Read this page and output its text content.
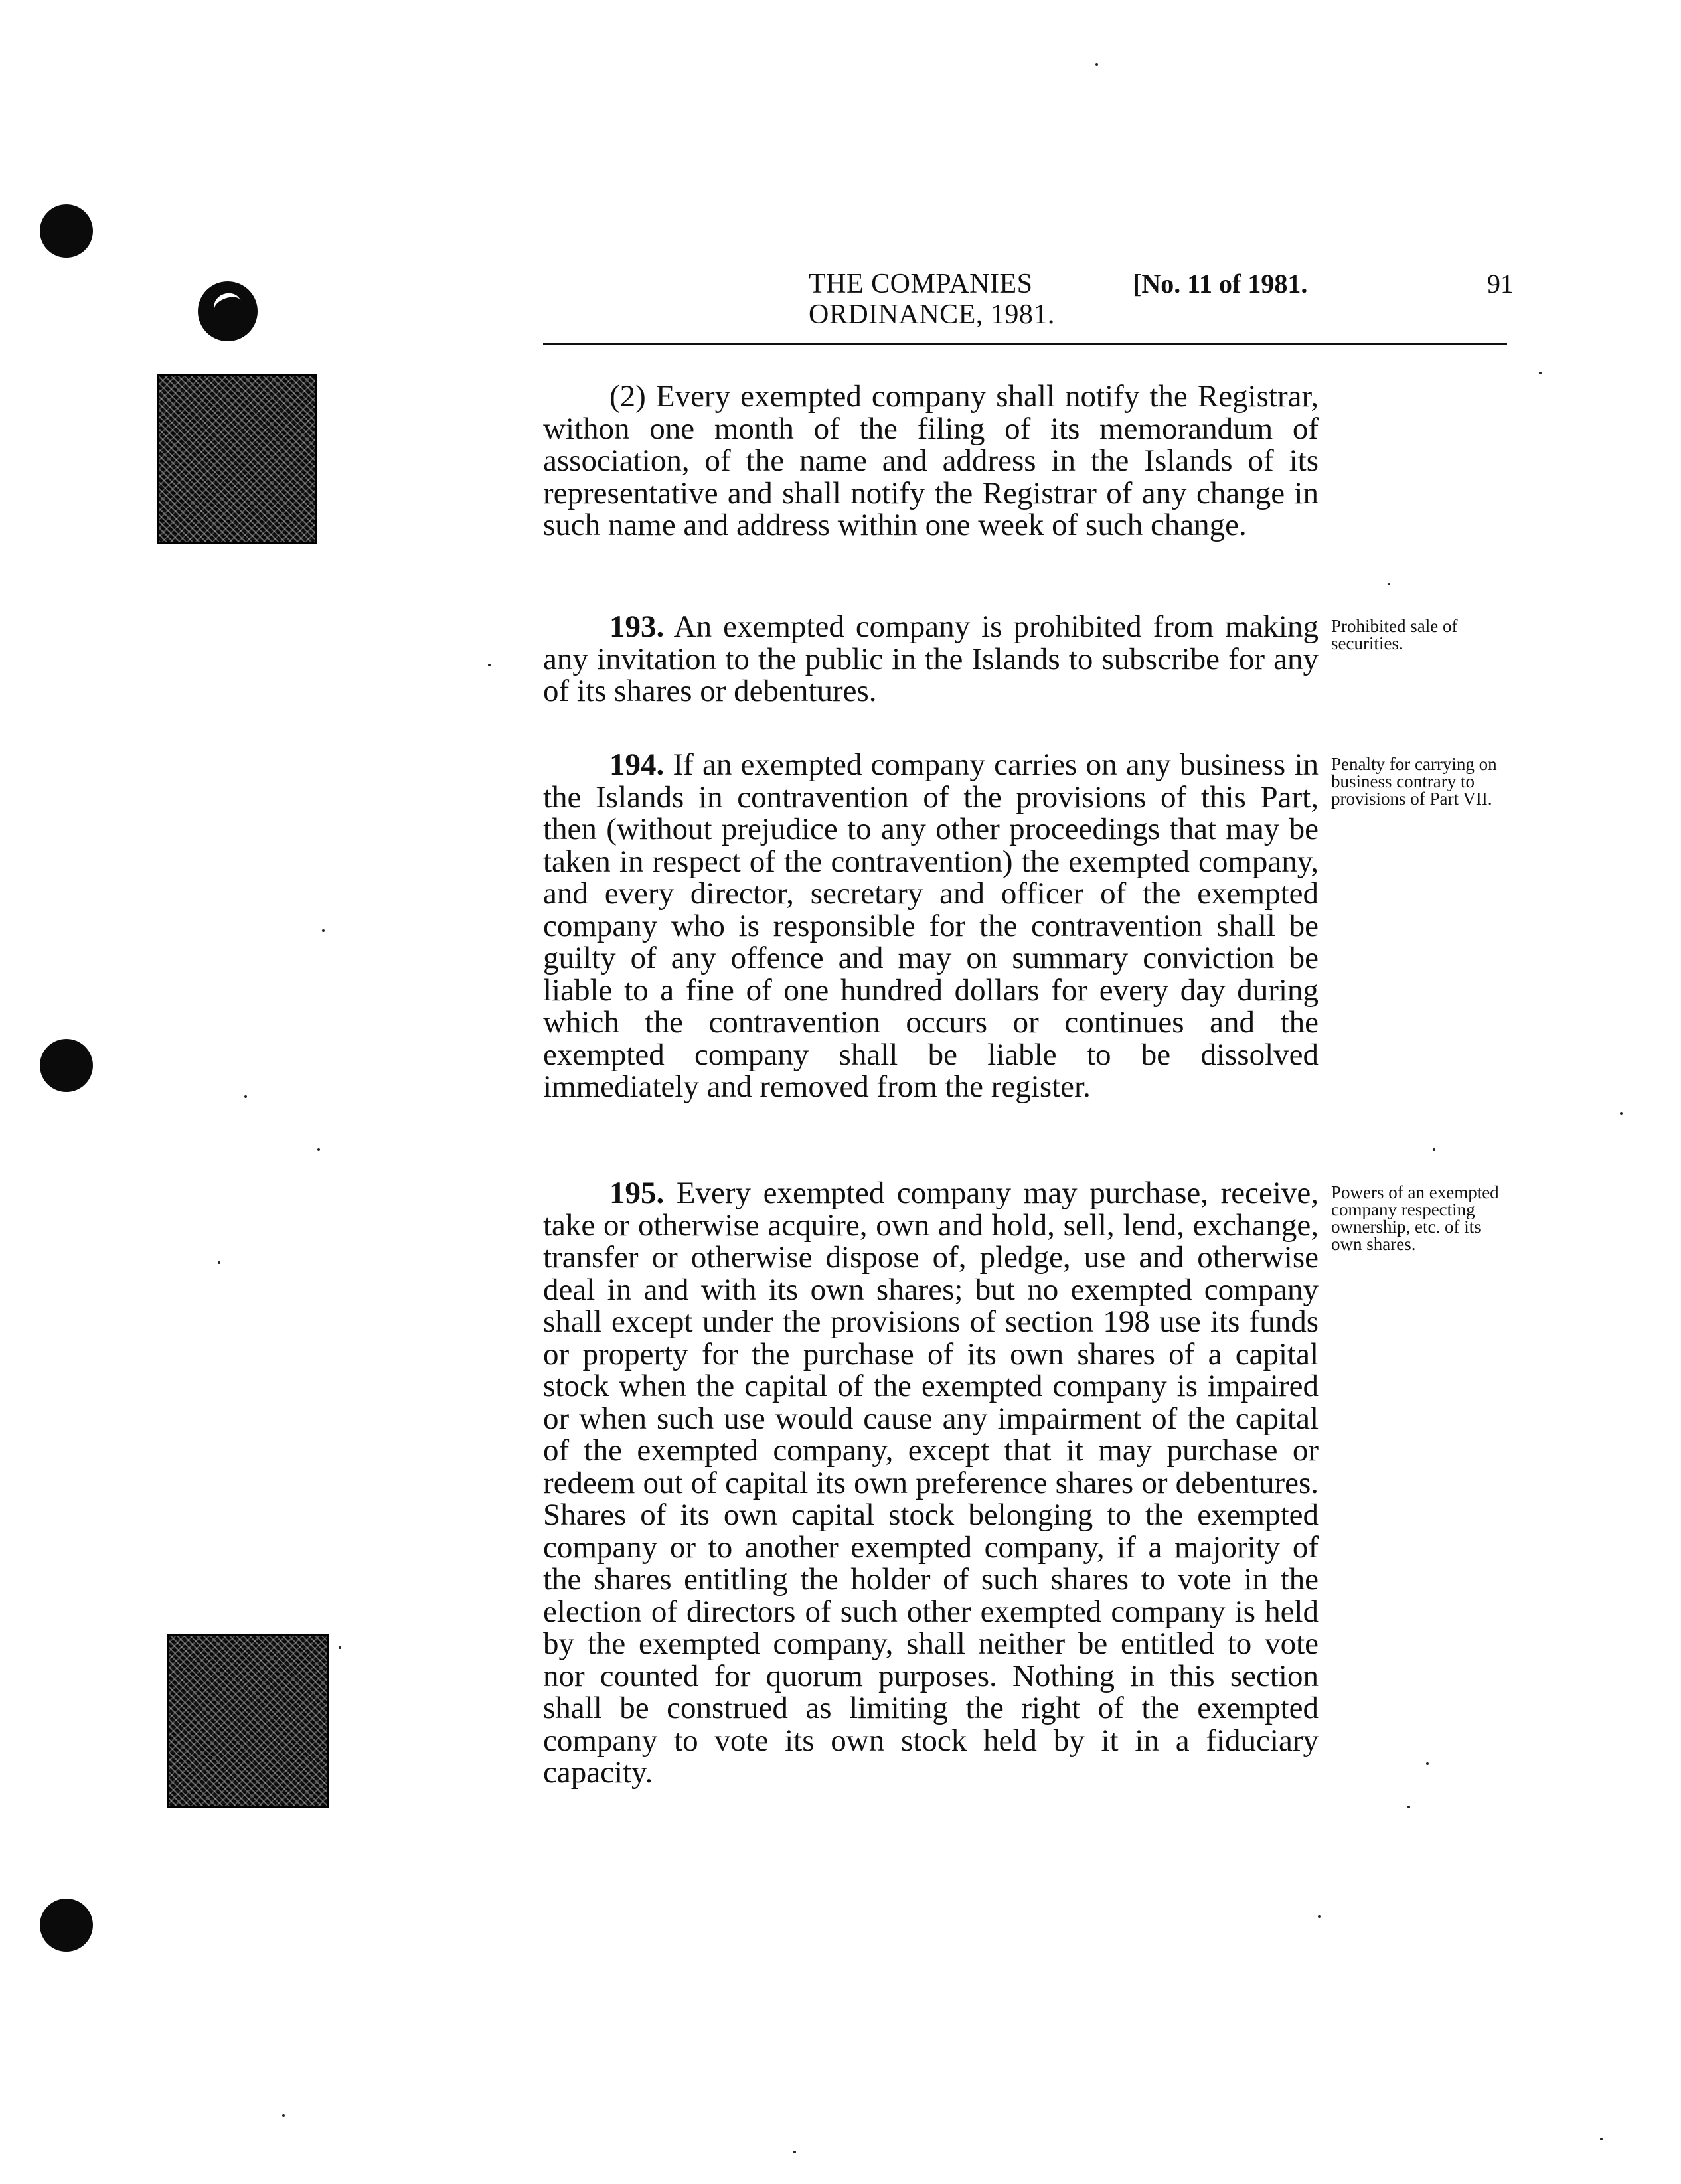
THE COMPANIES
ORDINANCE, 1981.
[No. 11 of 1981.	91
(2) Every exempted company shall notify the Registrar, withon one month of the filing of its memorandum of association, of the name and address in the Islands of its representative and shall notify the Registrar of any change in such name and address within one week of such change.
193. An exempted company is prohibited from making any invitation to the public in the Islands to subscribe for any of its shares or debentures.
Prohibited sale of securities.
194. If an exempted company carries on any business in the Islands in contravention of the provisions of this Part, then (without prejudice to any other proceedings that may be taken in respect of the contravention) the exempted company, and every director, secretary and officer of the exempted company who is responsible for the contravention shall be guilty of any offence and may on summary conviction be liable to a fine of one hundred dollars for every day during which the contravention occurs or continues and the exempted company shall be liable to be dissolved immediately and removed from the register.
Penalty for carrying on business contrary to provisions of Part VII.
195. Every exempted company may purchase, receive, take or otherwise acquire, own and hold, sell, lend, exchange, transfer or otherwise dispose of, pledge, use and otherwise deal in and with its own shares; but no exempted company shall except under the provisions of section 198 use its funds or property for the purchase of its own shares of a capital stock when the capital of the exempted company is impaired or when such use would cause any impairment of the capital of the exempted company, except that it may purchase or redeem out of capital its own preference shares or debentures. Shares of its own capital stock belonging to the exempted company or to another exempted company, if a majority of the shares entitling the holder of such shares to vote in the election of directors of such other exempted company is held by the exempted company, shall neither be entitled to vote nor counted for quorum purposes. Nothing in this section shall be construed as limiting the right of the exempted company to vote its own stock held by it in a fiduciary capacity.
Powers of an exempted company respecting ownership, etc. of its own shares.
